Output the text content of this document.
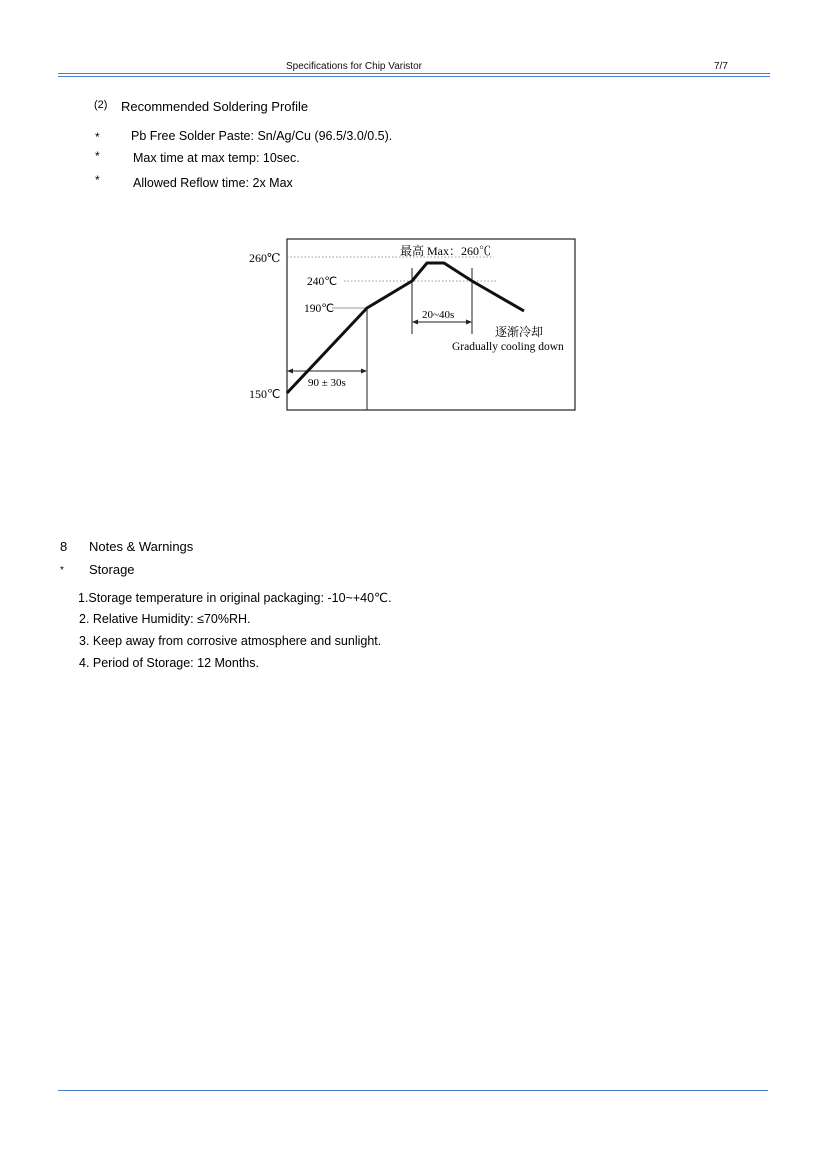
Specifications for Chip Varistor	7/7
(2) Recommended Soldering Profile
*	Pb Free Solder Paste: Sn/Ag/Cu (96.5/3.0/0.5).
*	Max time at max temp: 10sec.
*	Allowed Reflow time: 2x Max
260℃
150℃
240℃
190℃
最高 Max：260℃
20~40s
90 ± 30s
逐渐冷却
Gradually cooling down
8 Notes & Warnings
* Storage
1.Storage temperature in original packaging: -10~+40℃.
2. Relative Humidity: ≤70%RH.
3. Keep away from corrosive atmosphere and sunlight.
4. Period of Storage: 12 Months.
